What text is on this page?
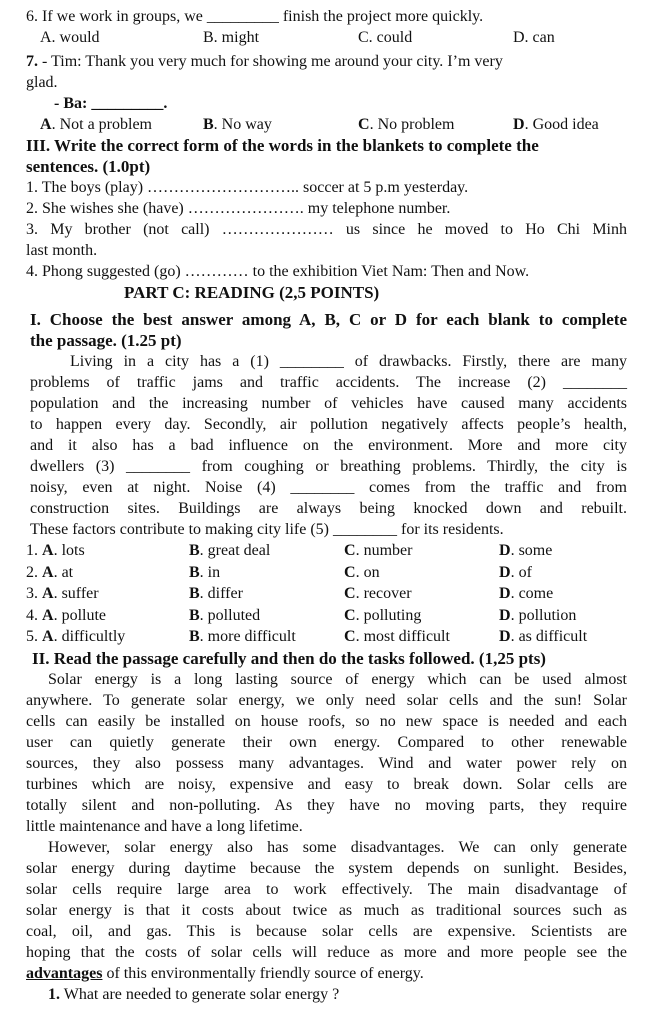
6. If we work in groups, we _________ finish the project more quickly.
A. would	B. might	C. could	D. can
7. - Tim: Thank you very much for showing me around your city. I’m very
glad.
- Ba: _________.
A. Not a problem	B. No way	C. No problem	D. Good idea
III. Write the correct form of the words in the blankets to complete the
sentences. (1.0pt)
1. The boys (play) ……………………….. soccer at 5 p.m yesterday.
2. She wishes she (have) …………………. my telephone number.
3. My brother (not call) ………………… us since he moved to Ho Chi Minh
last month.
4. Phong suggested (go) ………… to the exhibition Viet Nam: Then and Now.
PART C: READING (2,5 POINTS)
I. Choose the best answer among A, B, C or D for each blank to complete
the passage. (1.25 pt)
Living in a city has a (1) ________ of drawbacks. Firstly, there are many
problems of traffic jams and traffic accidents. The increase (2) ________
population and the increasing number of vehicles have caused many accidents
to happen every day. Secondly, air pollution negatively affects people’s health,
and it also has a bad influence on the environment. More and more city
dwellers (3) ________ from coughing or breathing problems. Thirdly, the city is
noisy, even at night. Noise (4) ________ comes from the traffic and from
construction sites. Buildings are always being knocked down and rebuilt.
These factors contribute to making city life (5) ________ for its residents.
1. A. lots	B. great deal	C. number	D. some
2. A. at	B. in	C. on	D. of
3. A. suffer	B. differ	C. recover	D. come
4. A. pollute	B. polluted	C. polluting	D. pollution
5. A. difficultly	B. more difficult	C. most difficult	D. as difficult
II. Read the passage carefully and then do the tasks followed. (1,25 pts)
Solar energy is a long lasting source of energy which can be used almost
anywhere. To generate solar energy, we only need solar cells and the sun! Solar
cells can easily be installed on house roofs, so no new space is needed and each
user can quietly generate their own energy. Compared to other renewable
sources, they also possess many advantages. Wind and water power rely on
turbines which are noisy, expensive and easy to break down. Solar cells are
totally silent and non-polluting. As they have no moving parts, they require
little maintenance and have a long lifetime.
However, solar energy also has some disadvantages. We can only generate
solar energy during daytime because the system depends on sunlight. Besides,
solar cells require large area to work effectively. The main disadvantage of
solar energy is that it costs about twice as much as traditional sources such as
coal, oil, and gas. This is because solar cells are expensive. Scientists are
hoping that the costs of solar cells will reduce as more and more people see the
advantages of this environmentally friendly source of energy.
1. What are needed to generate solar energy ?
